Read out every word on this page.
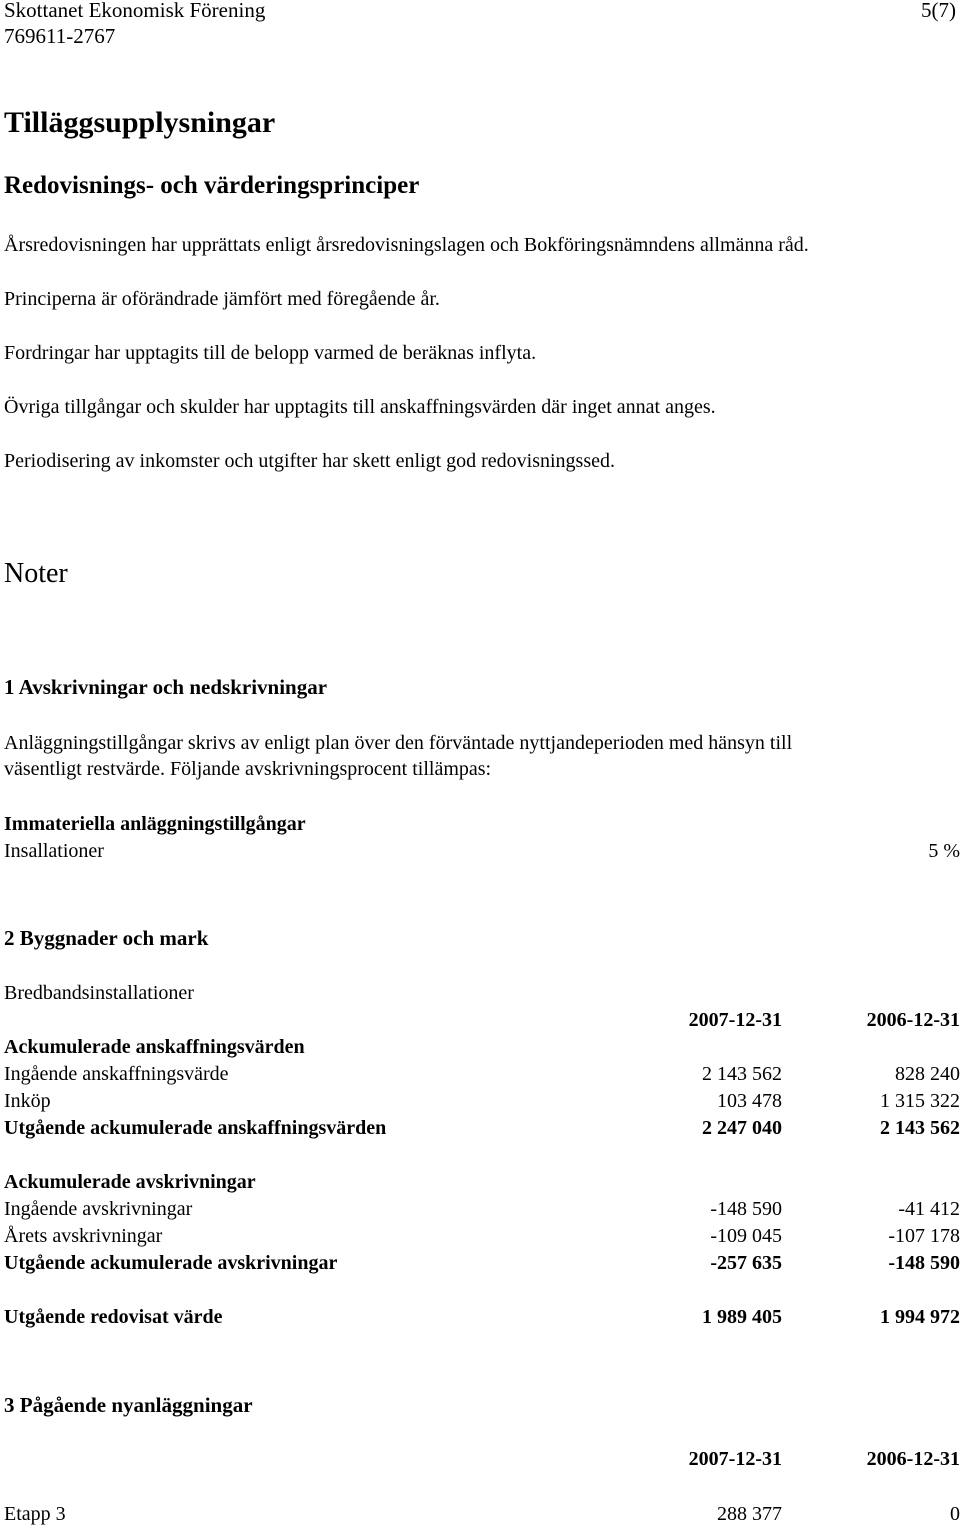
Skottanet Ekonomisk Förening
769611-2767
5(7)
Tilläggsupplysningar
Redovisnings- och värderingsprinciper
Årsredovisningen har upprättats enligt årsredovisningslagen och Bokföringsnämndens allmänna råd.
Principerna är oförändrade jämfört med föregående år.
Fordringar har upptagits till de belopp varmed de beräknas inflyta.
Övriga tillgångar och skulder har upptagits till anskaffningsvärden där inget annat anges.
Periodisering av inkomster och utgifter har skett enligt god redovisningssed.
Noter
1 Avskrivningar och nedskrivningar
Anläggningstillgångar skrivs av enligt plan över den förväntade nyttjandeperioden med hänsyn till
väsentligt restvärde. Följande avskrivningsprocent tillämpas:
Immateriella anläggningstillgångar
Insallationer	5 %
2 Byggnader och mark
Bredbandsinstallationer
2007-12-31	2006-12-31
Ackumulerade anskaffningsvärden
Ingående anskaffningsvärde	2 143 562	828 240
Inköp	103 478	1 315 322
Utgående ackumulerade anskaffningsvärden	2 247 040	2 143 562
Ackumulerade avskrivningar
Ingående avskrivningar	-148 590	-41 412
Årets avskrivningar	-109 045	-107 178
Utgående ackumulerade avskrivningar	-257 635	-148 590
Utgående redovisat värde	1 989 405	1 994 972
3 Pågående nyanläggningar
2007-12-31	2006-12-31
Etapp 3	288 377	0
